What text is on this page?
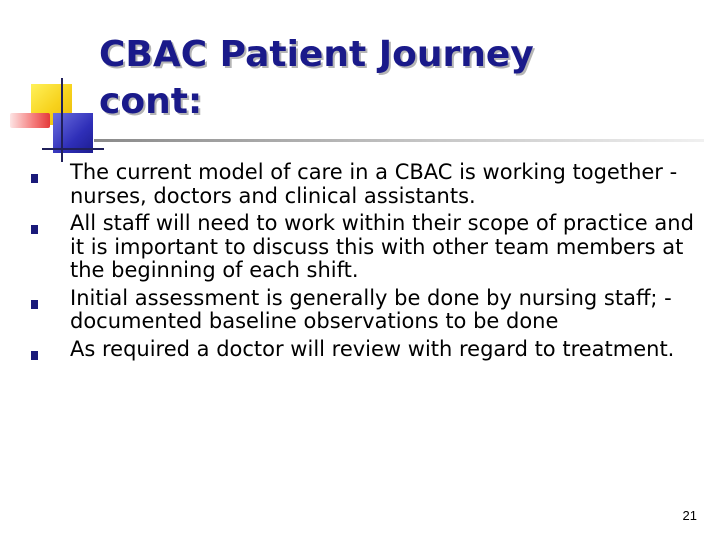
CBAC Patient Journey
cont:
The current model of care in a CBAC is working together - nurses, doctors and clinical assistants.
All staff will need to work within their scope of practice and it is important to discuss this with other team members at the beginning of each shift.
Initial assessment is generally be done by nursing staff; - documented baseline observations to be done
As required a doctor will review with regard to treatment.
21
